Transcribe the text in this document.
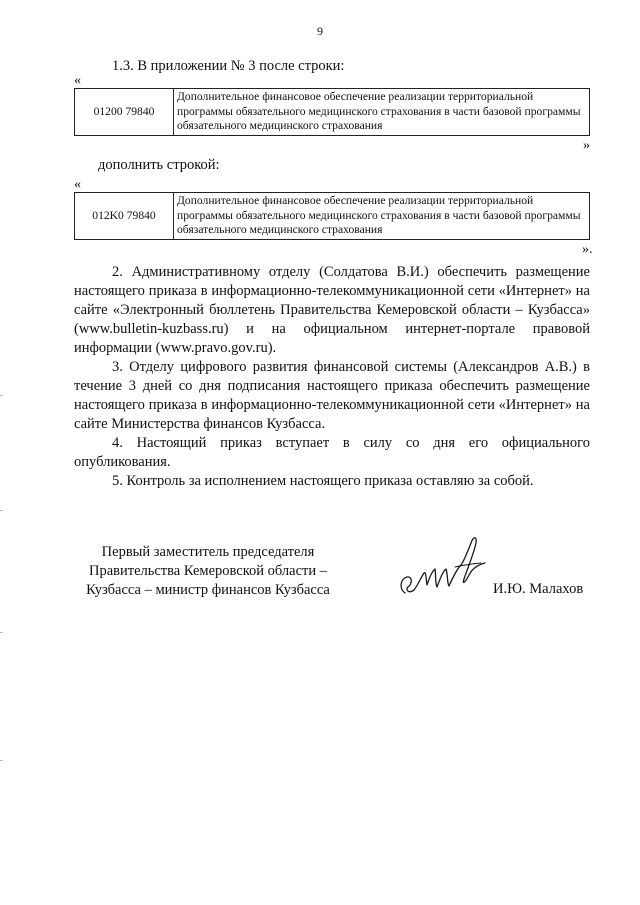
9
1.3. В приложении № 3 после строки:
«
01200 79840	Дополнительное финансовое обеспечение реализации территориальной программы обязательного медицинского страхования в части базовой программы обязательного медицинского страхования
»
дополнить строкой:
«
012K0 79840	Дополнительное финансовое обеспечение реализации территориальной программы обязательного медицинского страхования в части базовой программы обязательного медицинского страхования
».
2. Административному отделу (Солдатова В.И.) обеспечить размещение настоящего приказа в информационно-телекоммуникационной сети «Интернет» на сайте «Электронный бюллетень Правительства Кемеровской области – Кузбасса» (www.bulletin-kuzbass.ru) и на официальном интернет-портале правовой информации (www.pravo.gov.ru).
3. Отделу цифрового развития финансовой системы (Александров А.В.) в течение 3 дней со дня подписания настоящего приказа обеспечить размещение настоящего приказа в информационно-телекоммуникационной сети «Интернет» на сайте Министерства финансов Кузбасса.
4. Настоящий приказ вступает в силу со дня его официального опубликования.
5. Контроль за исполнением настоящего приказа оставляю за собой.
Первый заместитель председателя
Правительства Кемеровской области –
Кузбасса – министр финансов Кузбасса	И.Ю. Малахов
